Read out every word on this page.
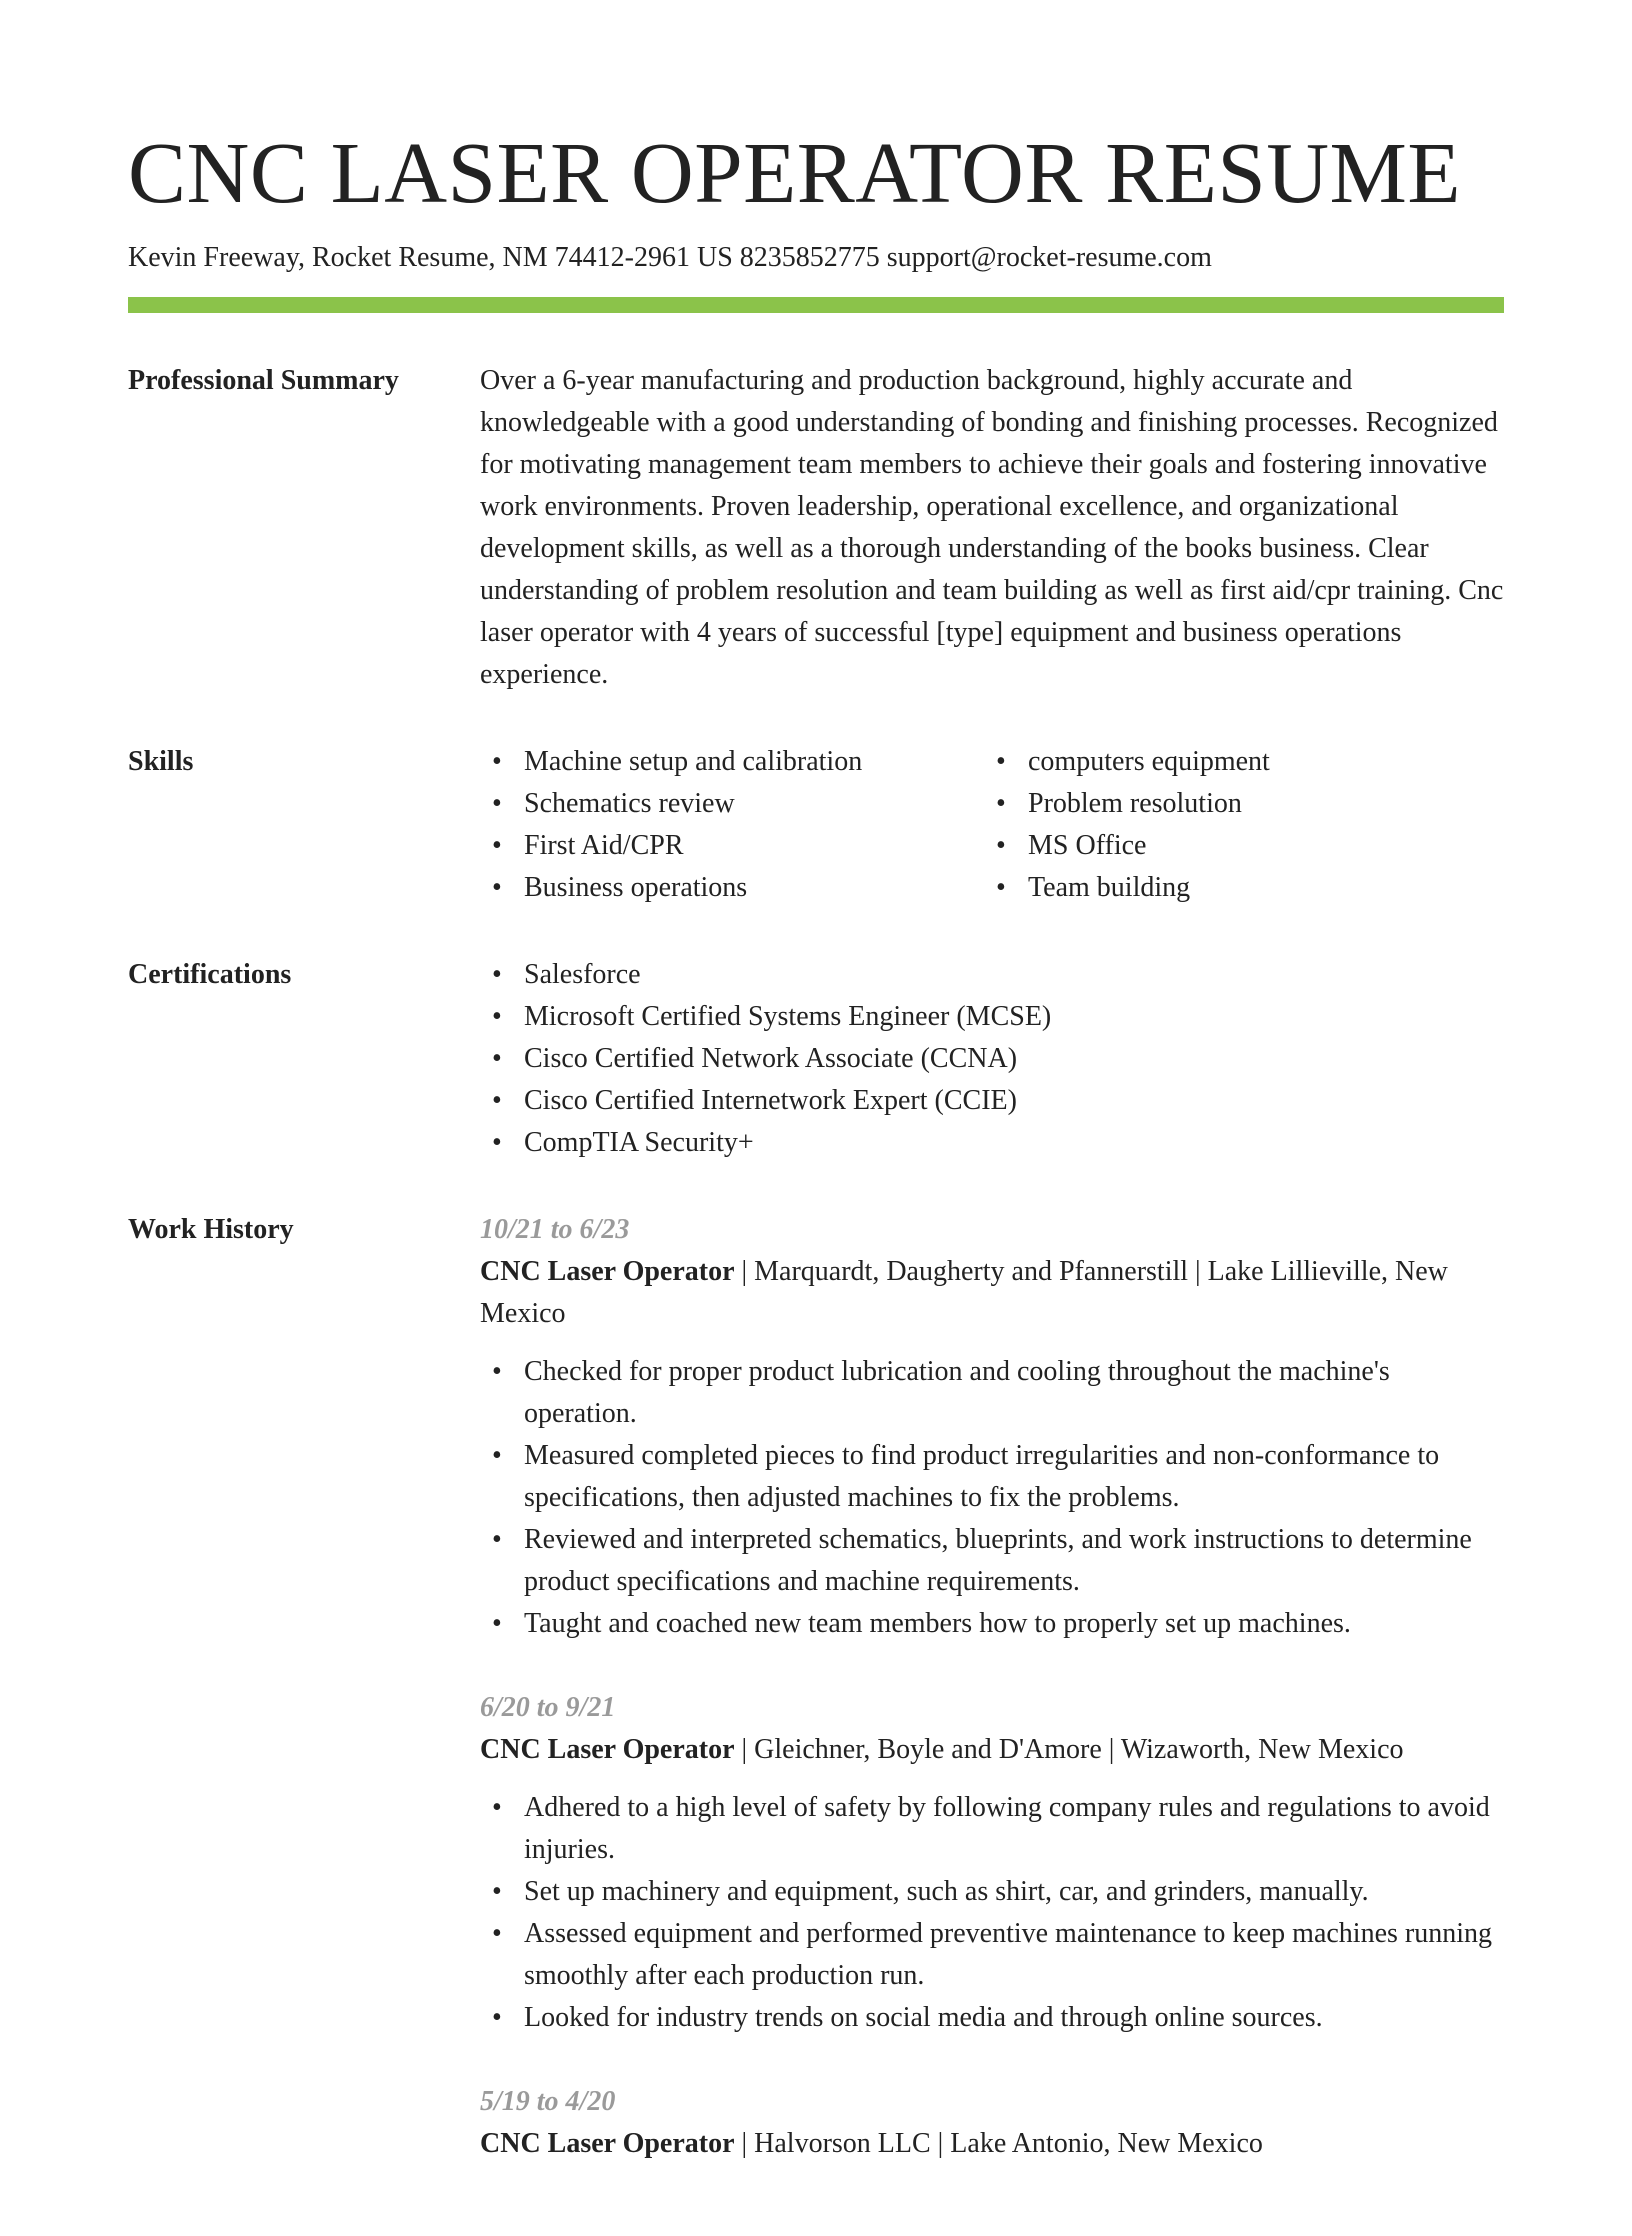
CNC LASER OPERATOR RESUME
Kevin Freeway, Rocket Resume, NM 74412-2961 US 8235852775 support@rocket-resume.com
Professional Summary	Over a 6-year manufacturing and production background, highly accurate and knowledgeable with a good understanding of bonding and finishing processes. Recognized for motivating management team members to achieve their goals and fostering innovative work environments. Proven leadership, operational excellence, and organizational development skills, as well as a thorough understanding of the books business. Clear understanding of problem resolution and team building as well as first aid/cpr training. Cnc laser operator with 4 years of successful [type] equipment and business operations experience.
Skills	• Machine setup and calibration
• Schematics review
• First Aid/CPR
• Business operations
• computers equipment
• Problem resolution
• MS Office
• Team building
Certifications	• Salesforce
• Microsoft Certified Systems Engineer (MCSE)
• Cisco Certified Network Associate (CCNA)
• Cisco Certified Internetwork Expert (CCIE)
• CompTIA Security+
Work History	10/21 to 6/23
CNC Laser Operator | Marquardt, Daugherty and Pfannerstill | Lake Lillieville, New Mexico
• Checked for proper product lubrication and cooling throughout the machine's operation.
• Measured completed pieces to find product irregularities and non-conformance to specifications, then adjusted machines to fix the problems.
• Reviewed and interpreted schematics, blueprints, and work instructions to determine product specifications and machine requirements.
• Taught and coached new team members how to properly set up machines.
6/20 to 9/21
CNC Laser Operator | Gleichner, Boyle and D'Amore | Wizaworth, New Mexico
• Adhered to a high level of safety by following company rules and regulations to avoid injuries.
• Set up machinery and equipment, such as shirt, car, and grinders, manually.
• Assessed equipment and performed preventive maintenance to keep machines running smoothly after each production run.
• Looked for industry trends on social media and through online sources.
5/19 to 4/20
CNC Laser Operator | Halvorson LLC | Lake Antonio, New Mexico
